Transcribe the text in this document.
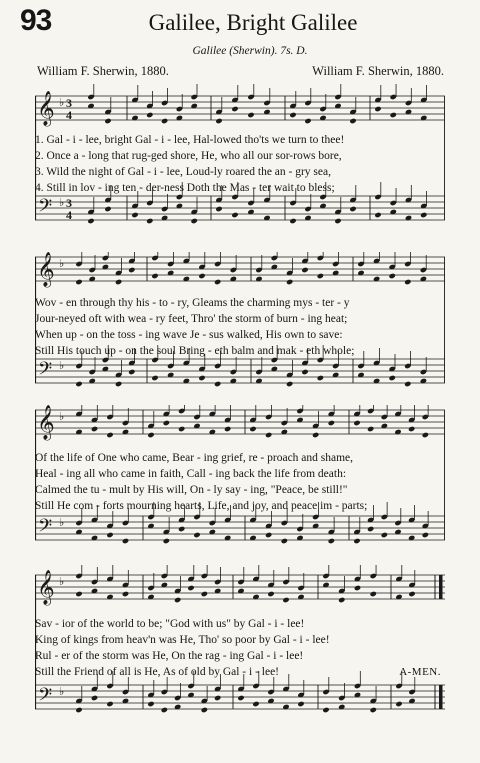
93	Galilee, Bright Galilee
Galilee (Sherwin). 7s. D.
William F. Sherwin, 1880.	William F. Sherwin, 1880.
𝄞
𝄢
♭
♭
3
4
3
4
1. Gal - i - lee, bright Gal - i - lee, Hal-lowed tho'ts we turn to thee!
2. Once a - long that rug-ged shore, He, who all our sor-rows bore,
3. Wild the night of Gal - i - lee, Loud-ly roared the an - gry sea,
4. Still in lov - ing ten - der-ness Doth the Mas - ter wait to bless;
𝄞
𝄢
♭
♭
Wov - en through thy his - to - ry, Gleams the charming mys - ter - y
Jour-neyed oft with wea - ry feet, Thro' the storm of burn - ing heat;
When up - on the toss - ing wave Je - sus walked, His own to save:
Still His touch up - on the soul Bring - eth balm and mak - eth whole;
𝄞
𝄢
♭
♭
Of the life of One who came, Bear - ing grief, re - proach and shame,
Heal - ing all who came in faith, Call - ing back the life from death:
Calmed the tu - mult by His will, On - ly say - ing, "Peace, be still!"
Still He com - forts mourning hearts, Life, and joy, and peace im - parts;
𝄞
𝄢
♭
♭
Sav - ior of the world to be; "God with us" by Gal - i - lee!
King of kings from heav'n was He, Tho' so poor by Gal - i - lee!
Rul - er of the storm was He, On the rag - ing Gal - i - lee!
Still the Friend of all is He, As of old by Gal - i - lee!	A-MEN.
